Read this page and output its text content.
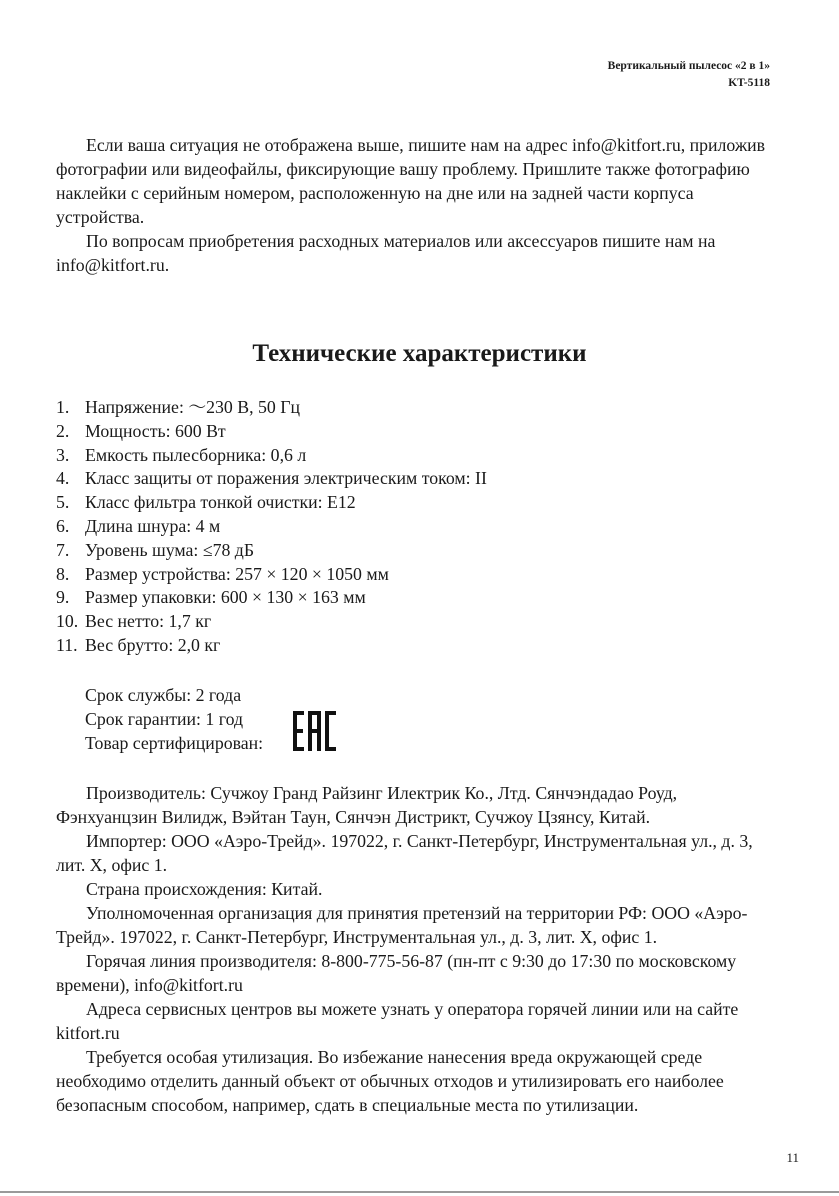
Вертикальный пылесос «2 в 1»
KT-5118

Если ваша ситуация не отображена выше, пишите нам на адрес info@kitfort.ru, приложив фотографии или видеофайлы, фиксирующие вашу проблему. Пришлите также фотографию наклейки с серийным номером, расположенную на дне или на задней части корпуса устройства.

По вопросам приобретения расходных материалов или аксессуаров пишите нам на info@kitfort.ru.

Технические характеристики
1. Напряжение: ～230 В, 50 Гц
2. Мощность: 600 Вт
3. Емкость пылесборника: 0,6 л
4. Класс защиты от поражения электрическим током: II
5. Класс фильтра тонкой очистки: E12
6. Длина шнура: 4 м
7. Уровень шума: ≤78 дБ
8. Размер устройства: 257 × 120 × 1050 мм
9. Размер упаковки: 600 × 130 × 163 мм
10. Вес нетто: 1,7 кг
11. Вес брутто: 2,0 кг
Срок службы: 2 года
Срок гарантии: 1 год
Товар сертифицирован:

Производитель: Сучжоу Гранд Райзинг Илектрик Ко., Лтд. Сянчэндадао Роуд, Фэнхуанцзин Вилидж, Вэйтан Таун, Сянчэн Дистрикт, Сучжоу Цзянсу, Китай.

Импортер: ООО «Аэро-Трейд». 197022, г. Санкт-Петербург, Инструментальная ул., д. 3, лит. Х, офис 1.

Страна происхождения: Китай.

Уполномоченная организация для принятия претензий на территории РФ: ООО «Аэро-Трейд». 197022, г. Санкт-Петербург, Инструментальная ул., д. 3, лит. Х, офис 1.

Горячая линия производителя: 8-800-775-56-87 (пн-пт с 9:30 до 17:30 по московскому времени), info@kitfort.ru

Адреса сервисных центров вы можете узнать у оператора горячей линии или на сайте kitfort.ru

Требуется особая утилизация. Во избежание нанесения вреда окружающей среде необходимо отделить данный объект от обычных отходов и утилизировать его наиболее безопасным способом, например, сдать в специальные места по утилизации.

11
